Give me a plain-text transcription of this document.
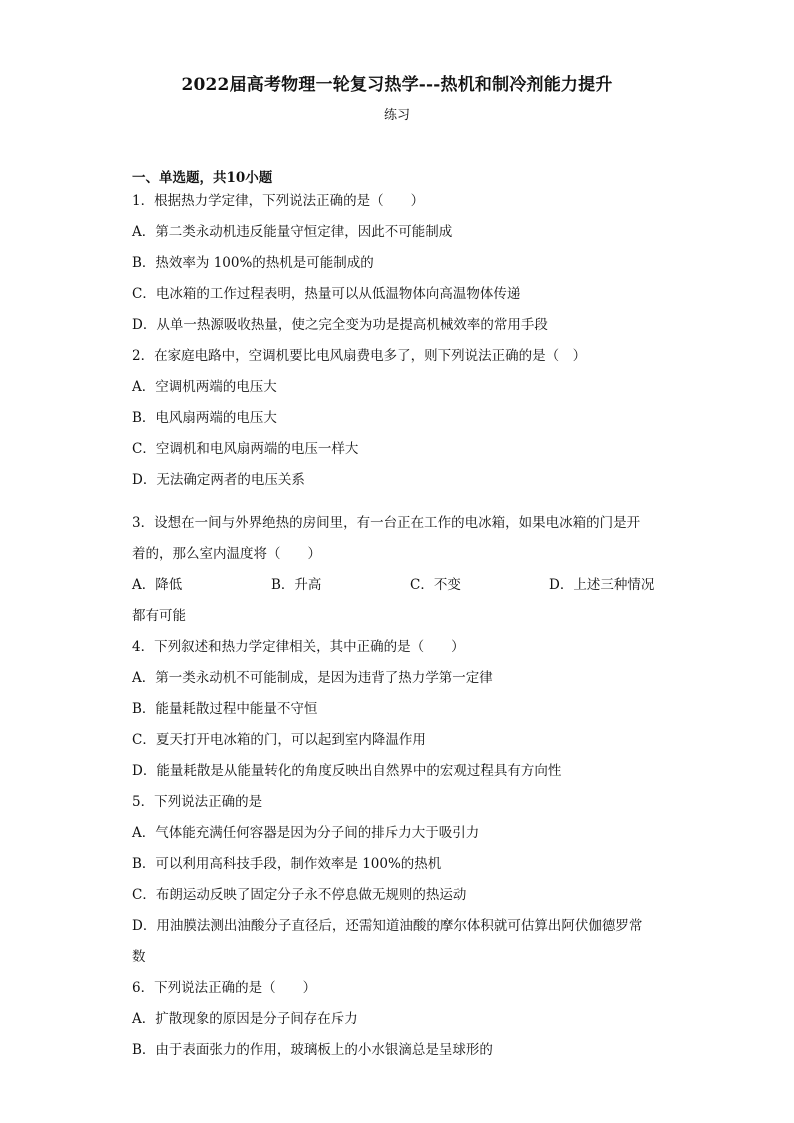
2022届高考物理一轮复习热学---热机和制冷剂能力提升
练习
一、单选题，共10小题
1．根据热力学定律，下列说法正确的是（　　）
A．第二类永动机违反能量守恒定律，因此不可能制成
B．热效率为 100%的热机是可能制成的
C．电冰箱的工作过程表明，热量可以从低温物体向高温物体传递
D．从单一热源吸收热量，使之完全变为功是提高机械效率的常用手段
2．在家庭电路中，空调机要比电风扇费电多了，则下列说法正确的是（　）
A．空调机两端的电压大
B．电风扇两端的电压大
C．空调机和电风扇两端的电压一样大
D．无法确定两者的电压关系
3．设想在一间与外界绝热的房间里，有一台正在工作的电冰箱，如果电冰箱的门是开
着的，那么室内温度将（　　）
A．降低	B．升高	C．不变	D．上述三种情况
都有可能
4．下列叙述和热力学定律相关，其中正确的是（　　）
A．第一类永动机不可能制成，是因为违背了热力学第一定律
B．能量耗散过程中能量不守恒
C．夏天打开电冰箱的门，可以起到室内降温作用
D．能量耗散是从能量转化的角度反映出自然界中的宏观过程具有方向性
5．下列说法正确的是
A．气体能充满任何容器是因为分子间的排斥力大于吸引力
B．可以利用高科技手段，制作效率是 100%的热机
C．布朗运动反映了固定分子永不停息做无规则的热运动
D．用油膜法测出油酸分子直径后，还需知道油酸的摩尔体积就可估算出阿伏伽德罗常
数
6．下列说法正确的是（　　）
A．扩散现象的原因是分子间存在斥力
B．由于表面张力的作用，玻璃板上的小水银滴总是呈球形的
